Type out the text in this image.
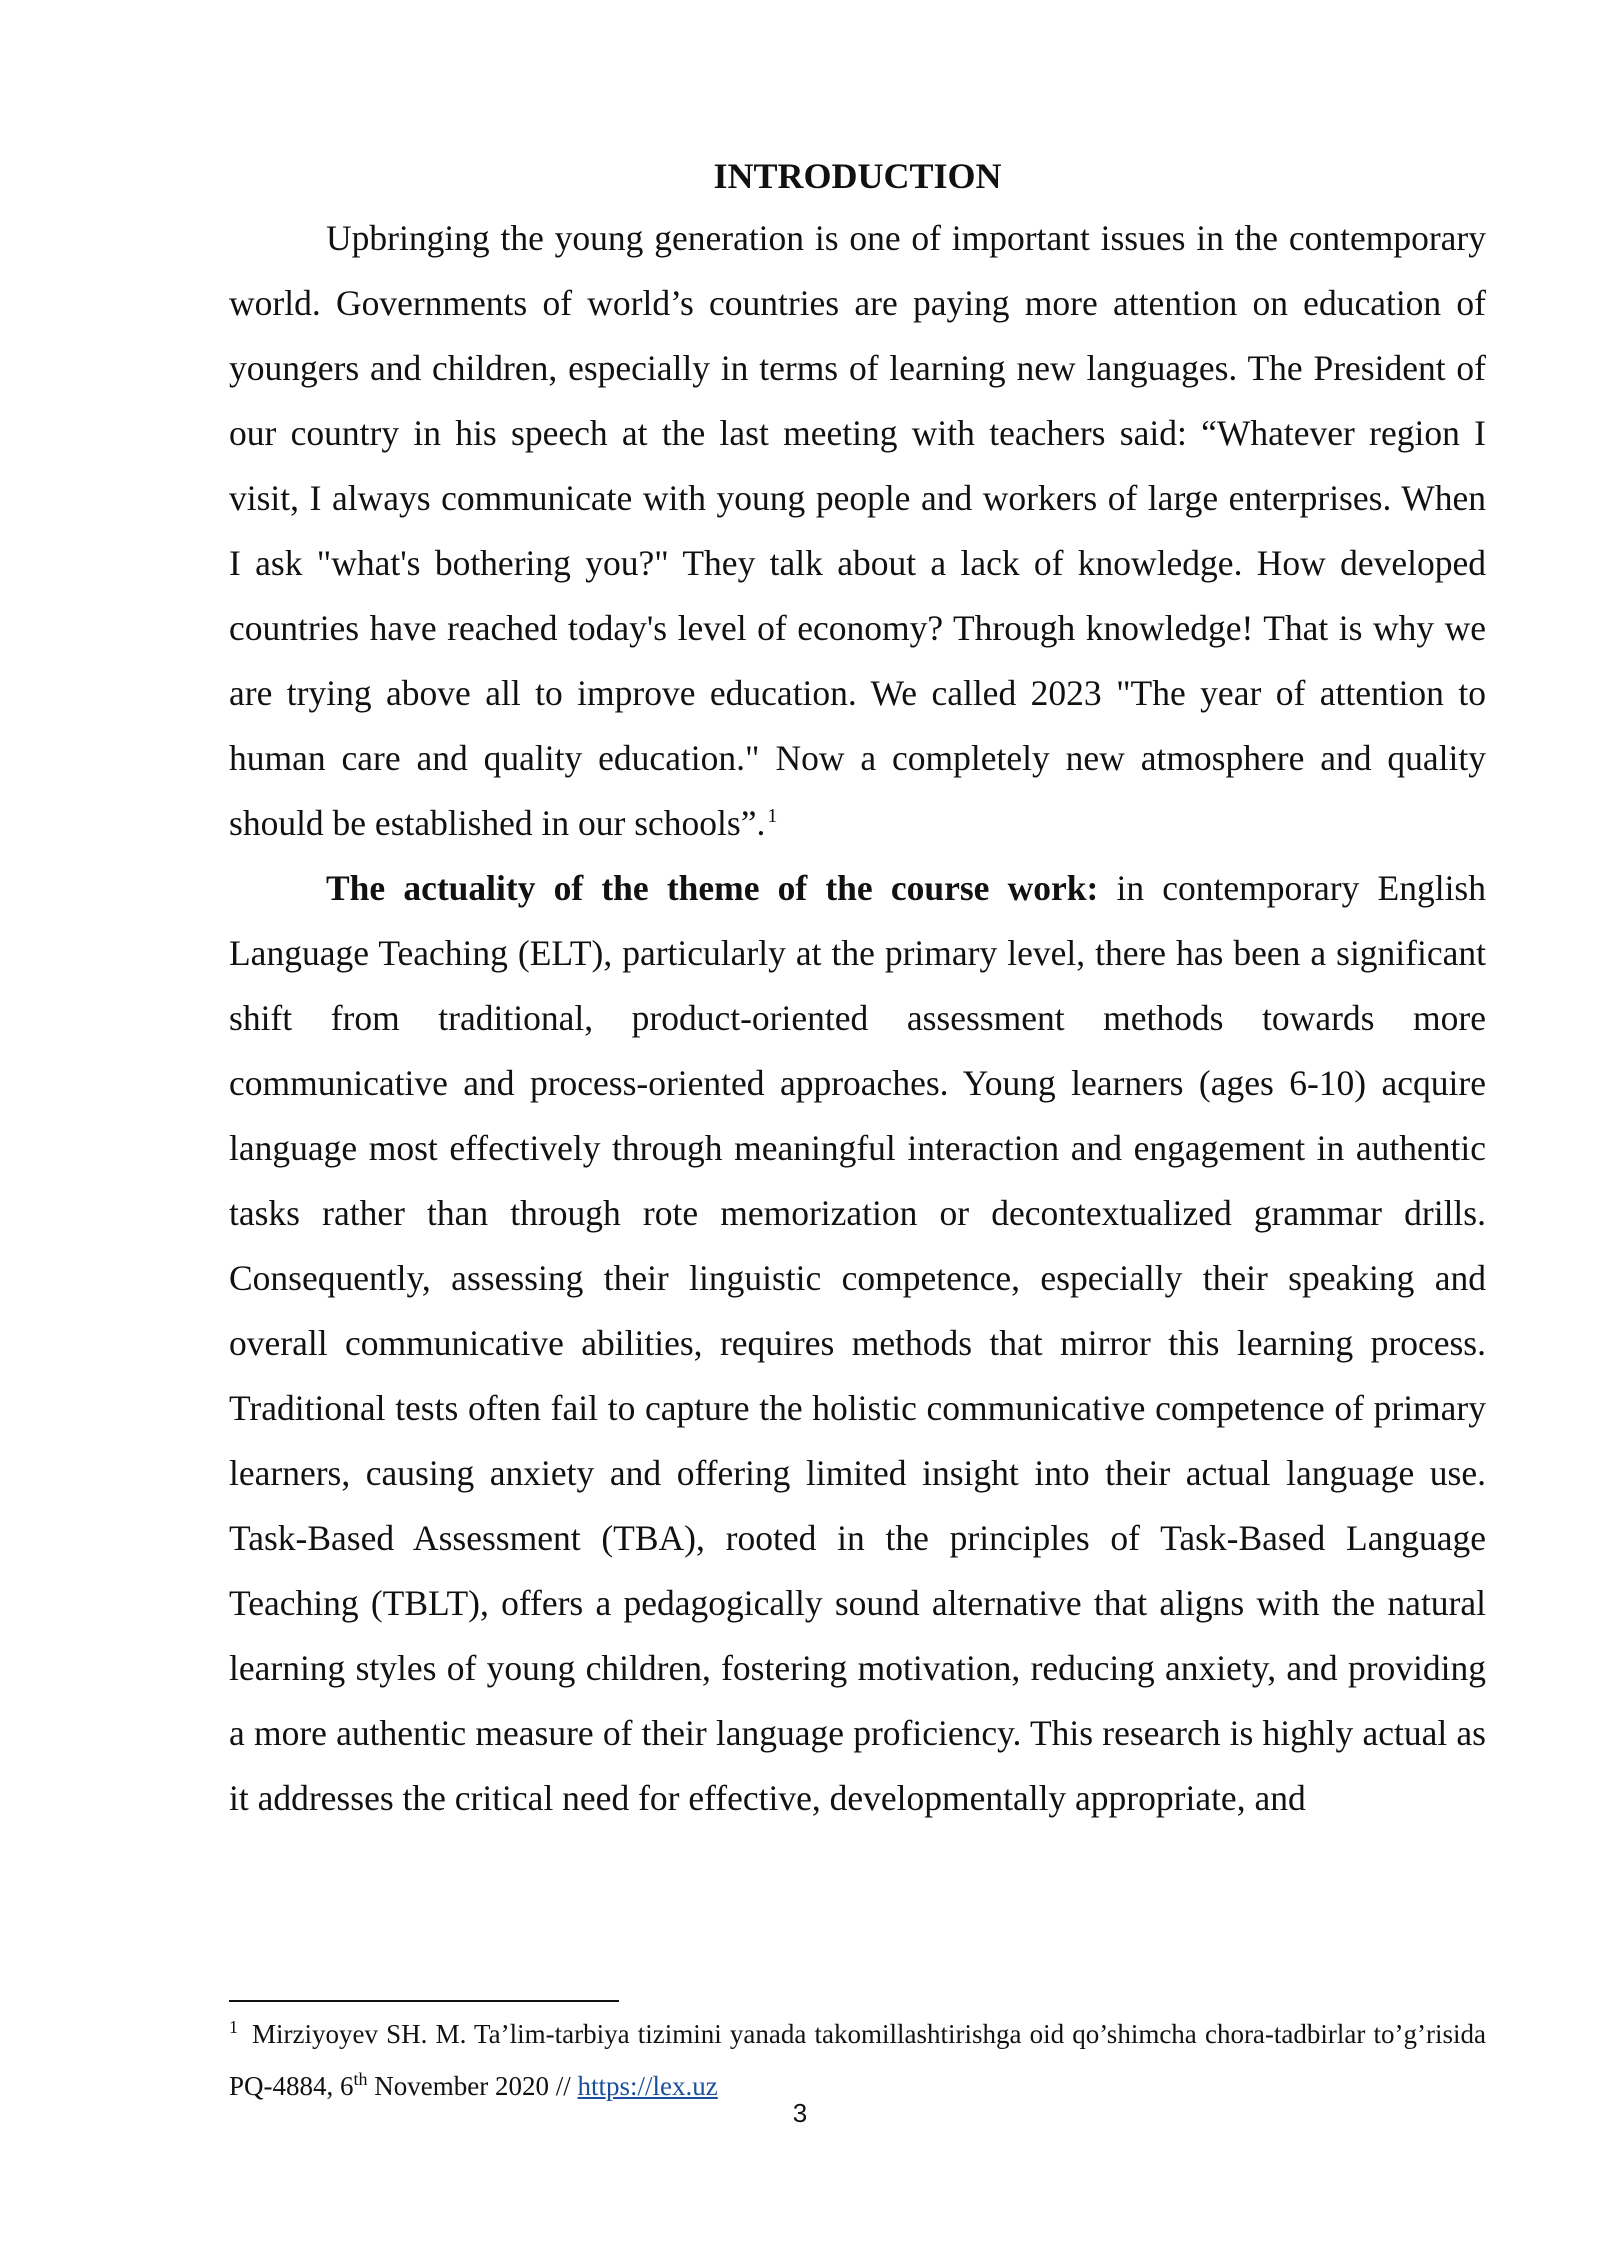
INTRODUCTION

Upbringing the young generation is one of important issues in the contemporary world. Governments of world’s countries are paying more attention on education of youngers and children, especially in terms of learning new languages. The President of our country in his speech at the last meeting with teachers said: “Whatever region I visit, I always communicate with young people and workers of large enterprises. When I ask "what's bothering you?" They talk about a lack of knowledge. How developed countries have reached today's level of economy? Through knowledge! That is why we are trying above all to improve education. We called 2023 "The year of attention to human care and quality education." Now a completely new atmosphere and quality should be established in our schools”. $^1$

The actuality of the theme of the course work: in contemporary English Language Teaching (ELT), particularly at the primary level, there has been a significant shift from traditional, product-oriented assessment methods towards more communicative and process-oriented approaches. Young learners (ages 6-10) acquire language most effectively through meaningful interaction and engagement in authentic tasks rather than through rote memorization or decontextualized grammar drills. Consequently, assessing their linguistic competence, especially their speaking and overall communicative abilities, requires methods that mirror this learning process. Traditional tests often fail to capture the holistic communicative competence of primary learners, causing anxiety and offering limited insight into their actual language use. Task-Based Assessment (TBA), rooted in the principles of Task-Based Language Teaching (TBLT), offers a pedagogically sound alternative that aligns with the natural learning styles of young children, fostering motivation, reducing anxiety, and providing a more authentic measure of their language proficiency. This research is highly actual as it addresses the critical need for effective, developmentally appropriate, and

$^1$ Mirziyoyev SH. M. Ta’lim-tarbiya tizimini yanada takomillashtirishga oid qo’shimcha chora-tadbirlar to’g’risida PQ-4884, 6th November 2020 // https://lex.uz

3
